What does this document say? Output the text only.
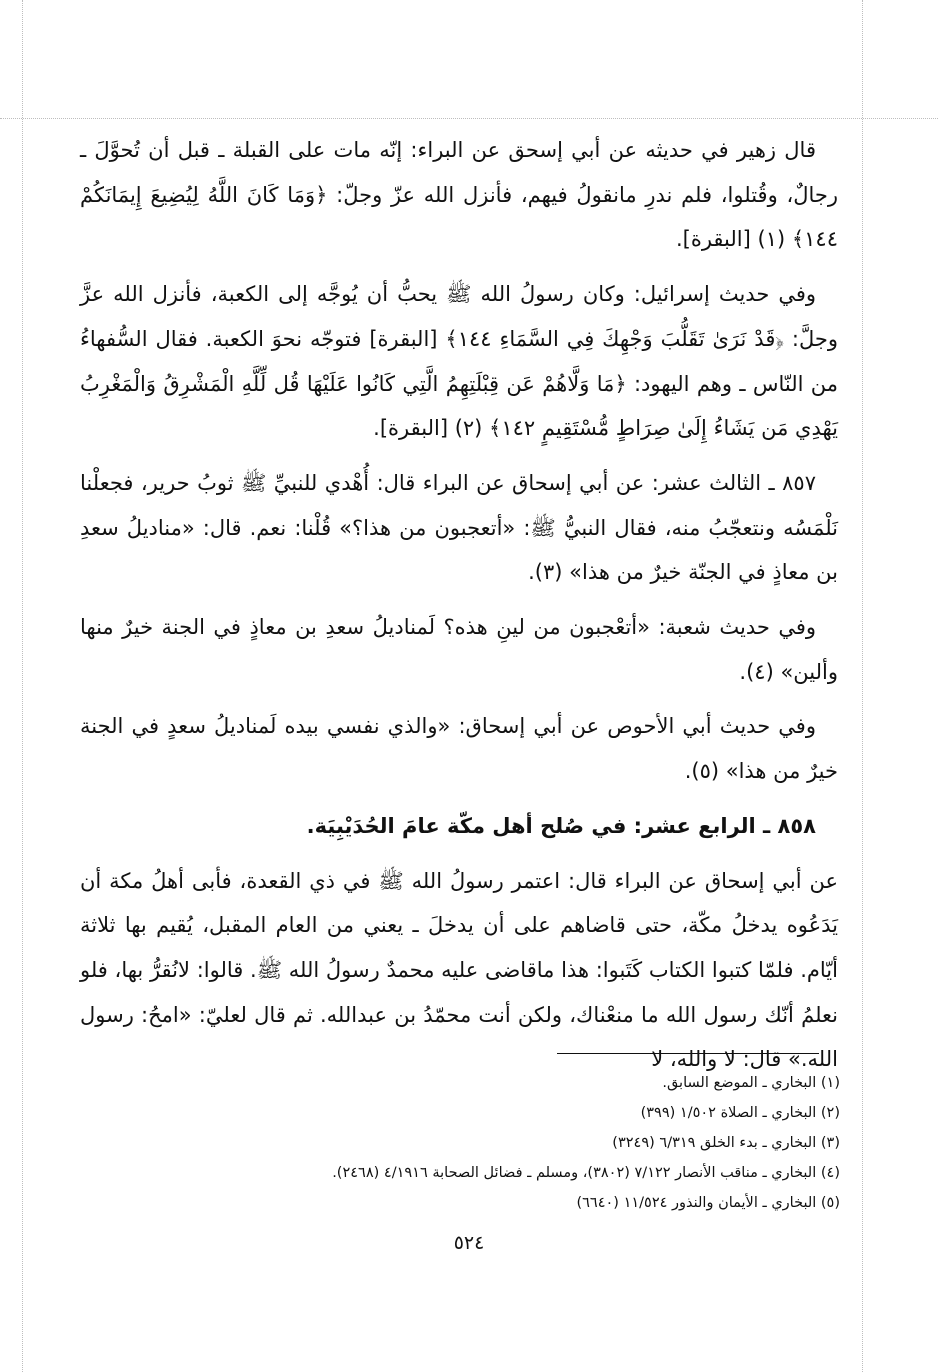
قال زهير في حديثه عن أبي إسحق عن البراء: إنّه مات على القبلة ـ قبل أن تُحوَّلَ ـ رجالٌ، وقُتلوا، فلم ندرِ مانقولُ فيهم، فأنزل الله عزّ وجلّ: ﴿وَمَا كَانَ اللَّهُ لِيُضِيعَ إِيمَانَكُمْ ١٤٤﴾ (١) [البقرة].

وفي حديث إسرائيل: وكان رسولُ الله ﷺ يحبُّ أن يُوجَّه إلى الكعبة، فأنزل الله عزَّ وجلَّ: ﴿قَدْ نَرَىٰ تَقَلُّبَ وَجْهِكَ فِي السَّمَاءِ ١٤٤﴾ [البقرة] فتوجّه نحوَ الكعبة. فقال السُّفهاءُ من النّاس ـ وهم اليهود: ﴿مَا وَلَّاهُمْ عَن قِبْلَتِهِمُ الَّتِي كَانُوا عَلَيْهَا قُل لِّلَّهِ الْمَشْرِقُ وَالْمَغْرِبُ يَهْدِي مَن يَشَاءُ إِلَىٰ صِرَاطٍ مُّسْتَقِيمٍ ١٤٢﴾ (٢) [البقرة].

٨٥٧ ـ الثالث عشر: عن أبي إسحاق عن البراء قال: أُهْدي للنبيِّ ﷺ ثوبُ حرير، فجعلْنا نَلْمَسُه ونتعجّبُ منه، فقال النبيُّ ﷺ: «أتعجبون من هذا؟» قُلْنا: نعم. قال: «مناديلُ سعدِ بن معاذٍ في الجنّة خيرٌ من هذا» (٣).

وفي حديث شعبة: «أتعْجبون من لينِ هذه؟ لَمناديلُ سعدِ بن معاذٍ في الجنة خيرٌ منها وألين» (٤).

وفي حديث أبي الأحوص عن أبي إسحاق: «والذي نفسي بيده لَمناديلُ سعدٍ في الجنة خيرٌ من هذا» (٥).

٨٥٨ ـ الرابع عشر: في صُلح أهل مكّة عامَ الحُدَيْبِيَة.

عن أبي إسحاق عن البراء قال: اعتمر رسولُ الله ﷺ في ذي القعدة، فأبى أهلُ مكة أن يَدَعُوه يدخلُ مكّة، حتى قاضاهم على أن يدخلَ ـ يعني من العام المقبل، يُقيم بها ثلاثة أيّام. فلمّا كتبوا الكتاب كَتَبوا: هذا ماقاضى عليه محمدٌ رسولُ الله ﷺ. قالوا: لانُقرُّ بها، فلو نعلمُ أنّك رسول الله ما منعْناك، ولكن أنت محمّدُ بن عبدالله. ثم قال لعليّ: «امحُ: رسول الله.» قال: لا والله، لا

(١) البخاري ـ الموضع السابق.
(٢) البخاري ـ الصلاة ١/٥٠٢ (٣٩٩)
(٣) البخاري ـ بدء الخلق ٦/٣١٩ (٣٢٤٩)
(٤) البخاري ـ مناقب الأنصار ٧/١٢٢ (٣٨٠٢)، ومسلم ـ فضائل الصحابة ٤/١٩١٦ (٢٤٦٨).
(٥) البخاري ـ الأيمان والنذور ١١/٥٢٤ (٦٦٤٠)
٥٢٤
